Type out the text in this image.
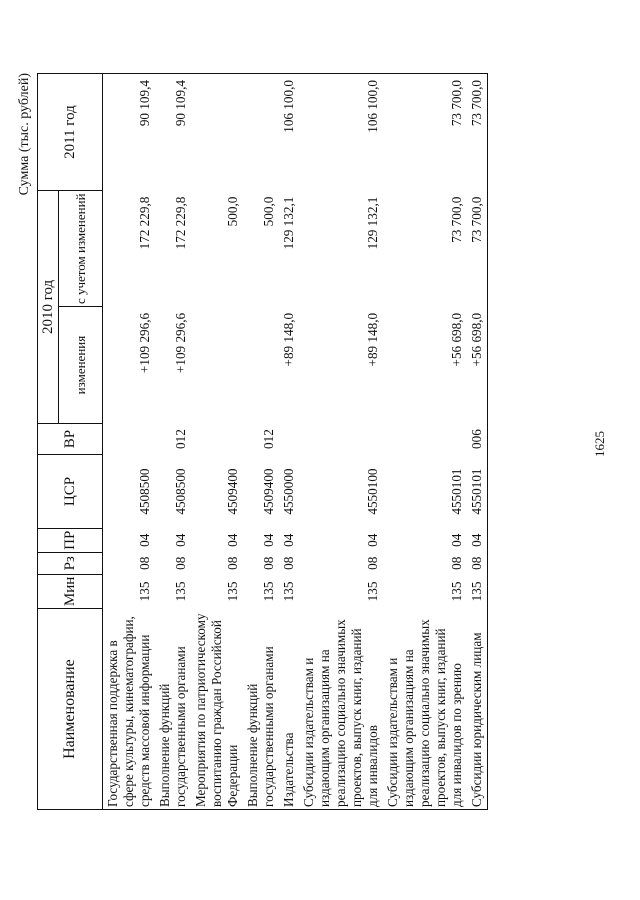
1625
Сумма (тыс. рублей)
Наименование	Мин	Рз	ПР	ЦСР	ВР	2010 год		2011 год
						изменения	с учетом изменений	
Государственная поддержка в сфере культуры, кинематографии, средств массовой информации	135	08	04	4508500		+109 296,6	172 229,8	90 109,4
Выполнение функций государственными органами	135	08	04	4508500	012	+109 296,6	172 229,8	90 109,4
Мероприятия по патриотическому воспитанию граждан Российской Федерации	135	08	04	4509400			500,0	
Выполнение функций государственными органами	135	08	04	4509400	012		500,0	
Издательства	135	08	04	4550000		+89 148,0	129 132,1	106 100,0
Субсидии издательствам и издающим организациям на реализацию социально значимых проектов, выпуск книг, изданий для инвалидов	135	08	04	4550100		+89 148,0	129 132,1	106 100,0
Субсидии издательствам и издающим организациям на реализацию социально значимых проектов, выпуск книг, изданий для инвалидов по зрению	135	08	04	4550101		+56 698,0	73 700,0	73 700,0
Субсидии юридическим лицам	135	08	04	4550101	006	+56 698,0	73 700,0	73 700,0
